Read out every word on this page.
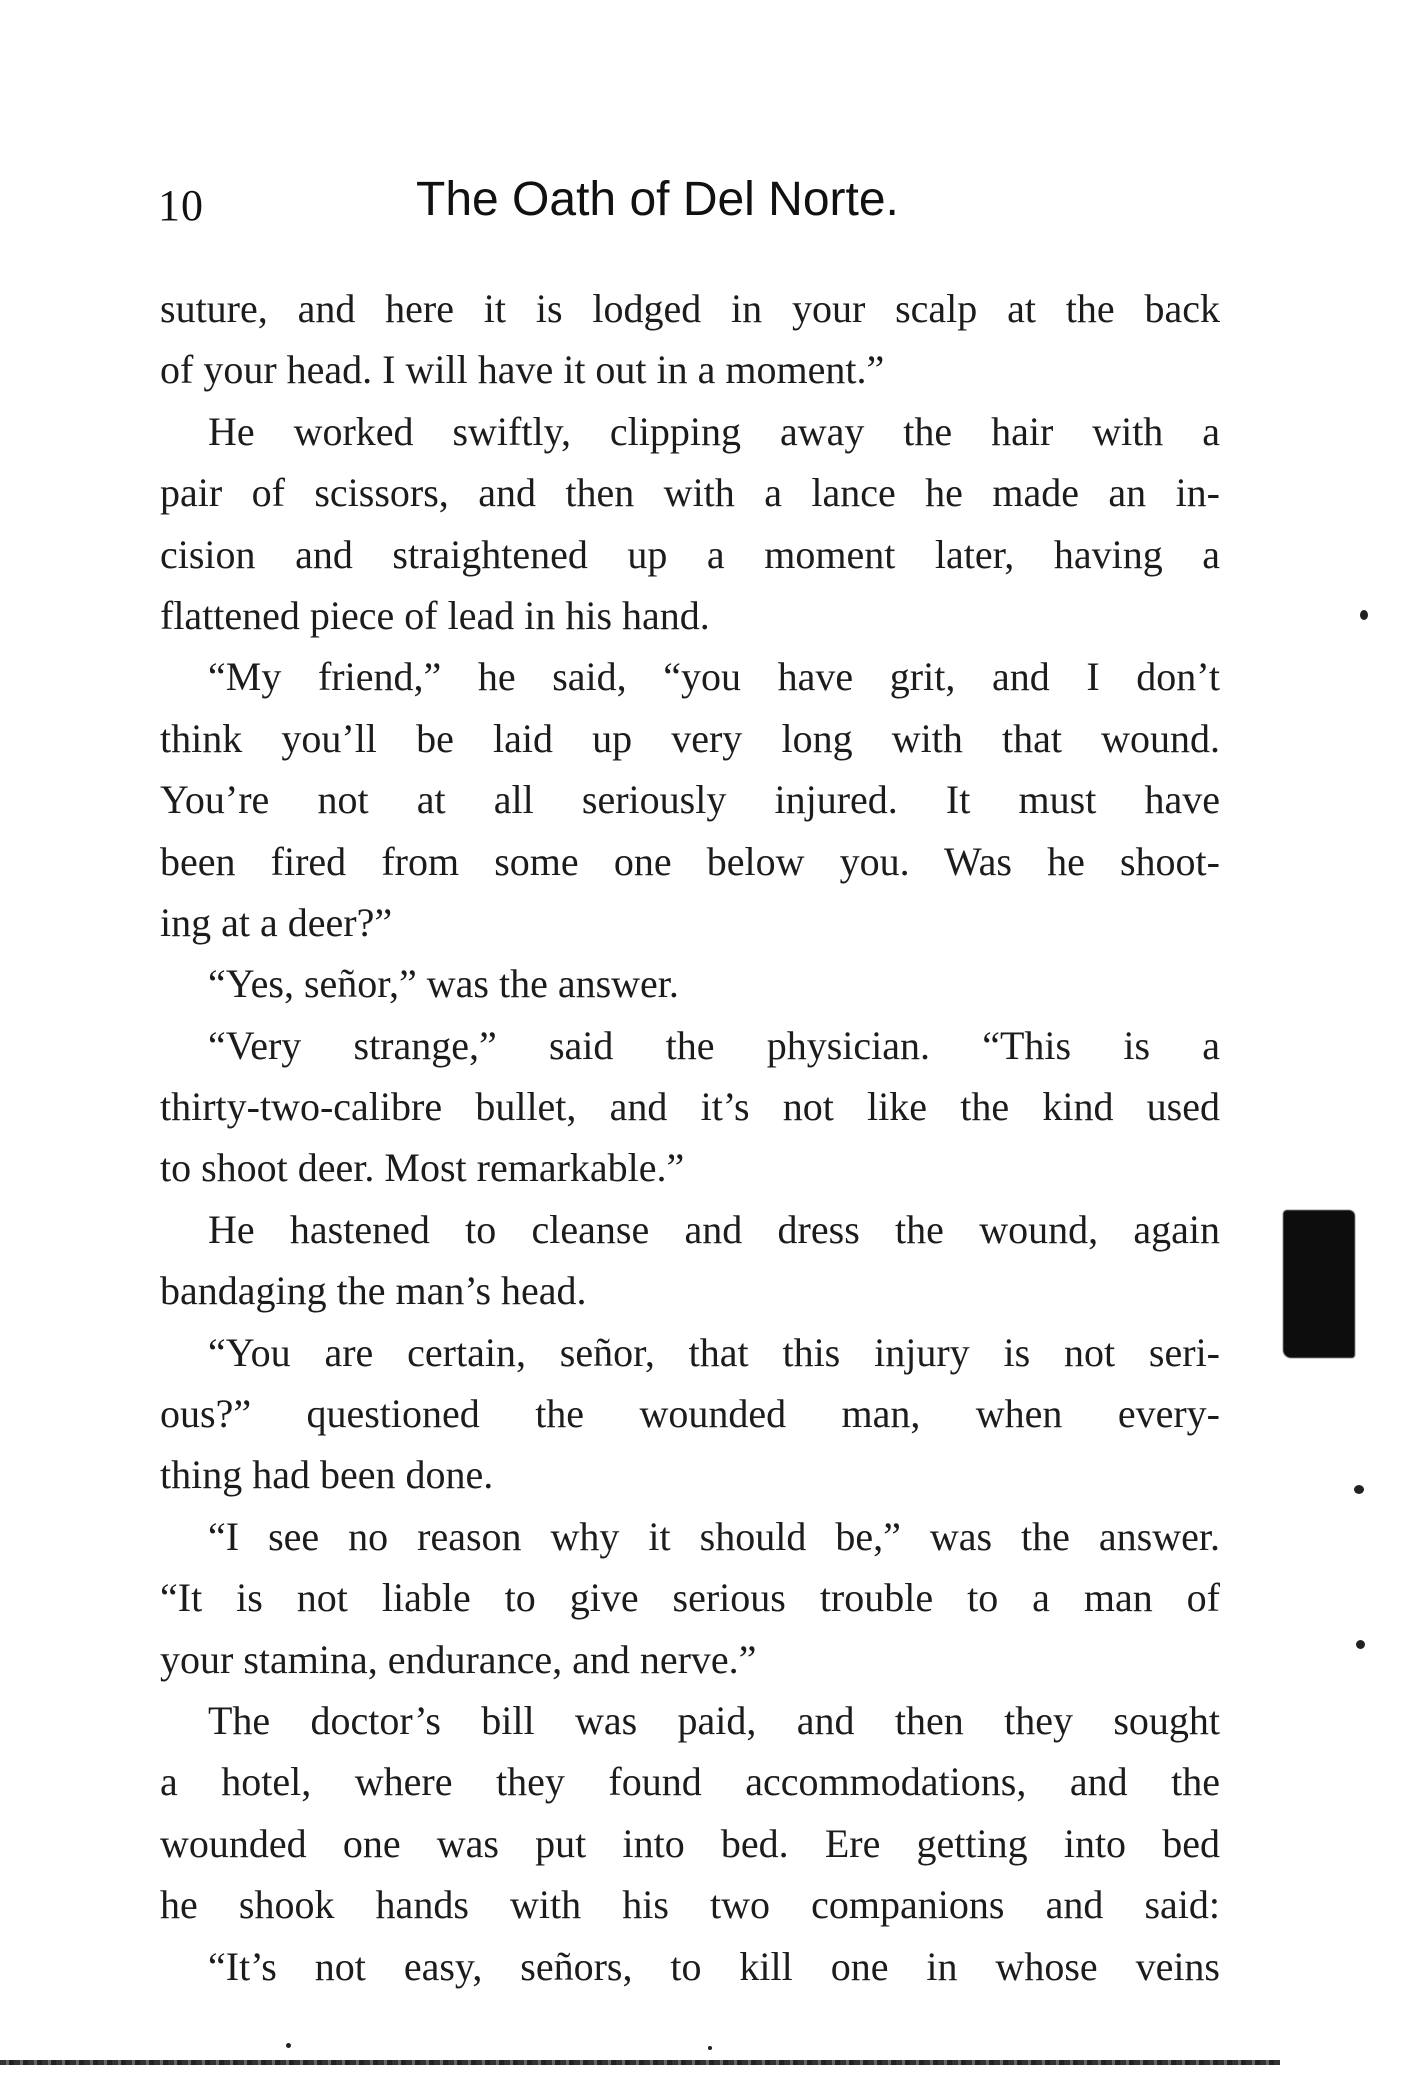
10	The Oath of Del Norte.
suture, and here it is lodged in your scalp at the back
of your head. I will have it out in a moment.”
He worked swiftly, clipping away the hair with a
pair of scissors, and then with a lance he made an in-
cision and straightened up a moment later, having a
flattened piece of lead in his hand.
“My friend,” he said, “you have grit, and I don’t
think you’ll be laid up very long with that wound.
You’re not at all seriously injured. It must have
been fired from some one below you. Was he shoot-
ing at a deer?”
“Yes, señor,” was the answer.
“Very strange,” said the physician. “This is a
thirty-two-calibre bullet, and it’s not like the kind used
to shoot deer. Most remarkable.”
He hastened to cleanse and dress the wound, again
bandaging the man’s head.
“You are certain, señor, that this injury is not seri-
ous?” questioned the wounded man, when every-
thing had been done.
“I see no reason why it should be,” was the answer.
“It is not liable to give serious trouble to a man of
your stamina, endurance, and nerve.”
The doctor’s bill was paid, and then they sought
a hotel, where they found accommodations, and the
wounded one was put into bed. Ere getting into bed
he shook hands with his two companions and said:
“It’s not easy, señors, to kill one in whose veins
